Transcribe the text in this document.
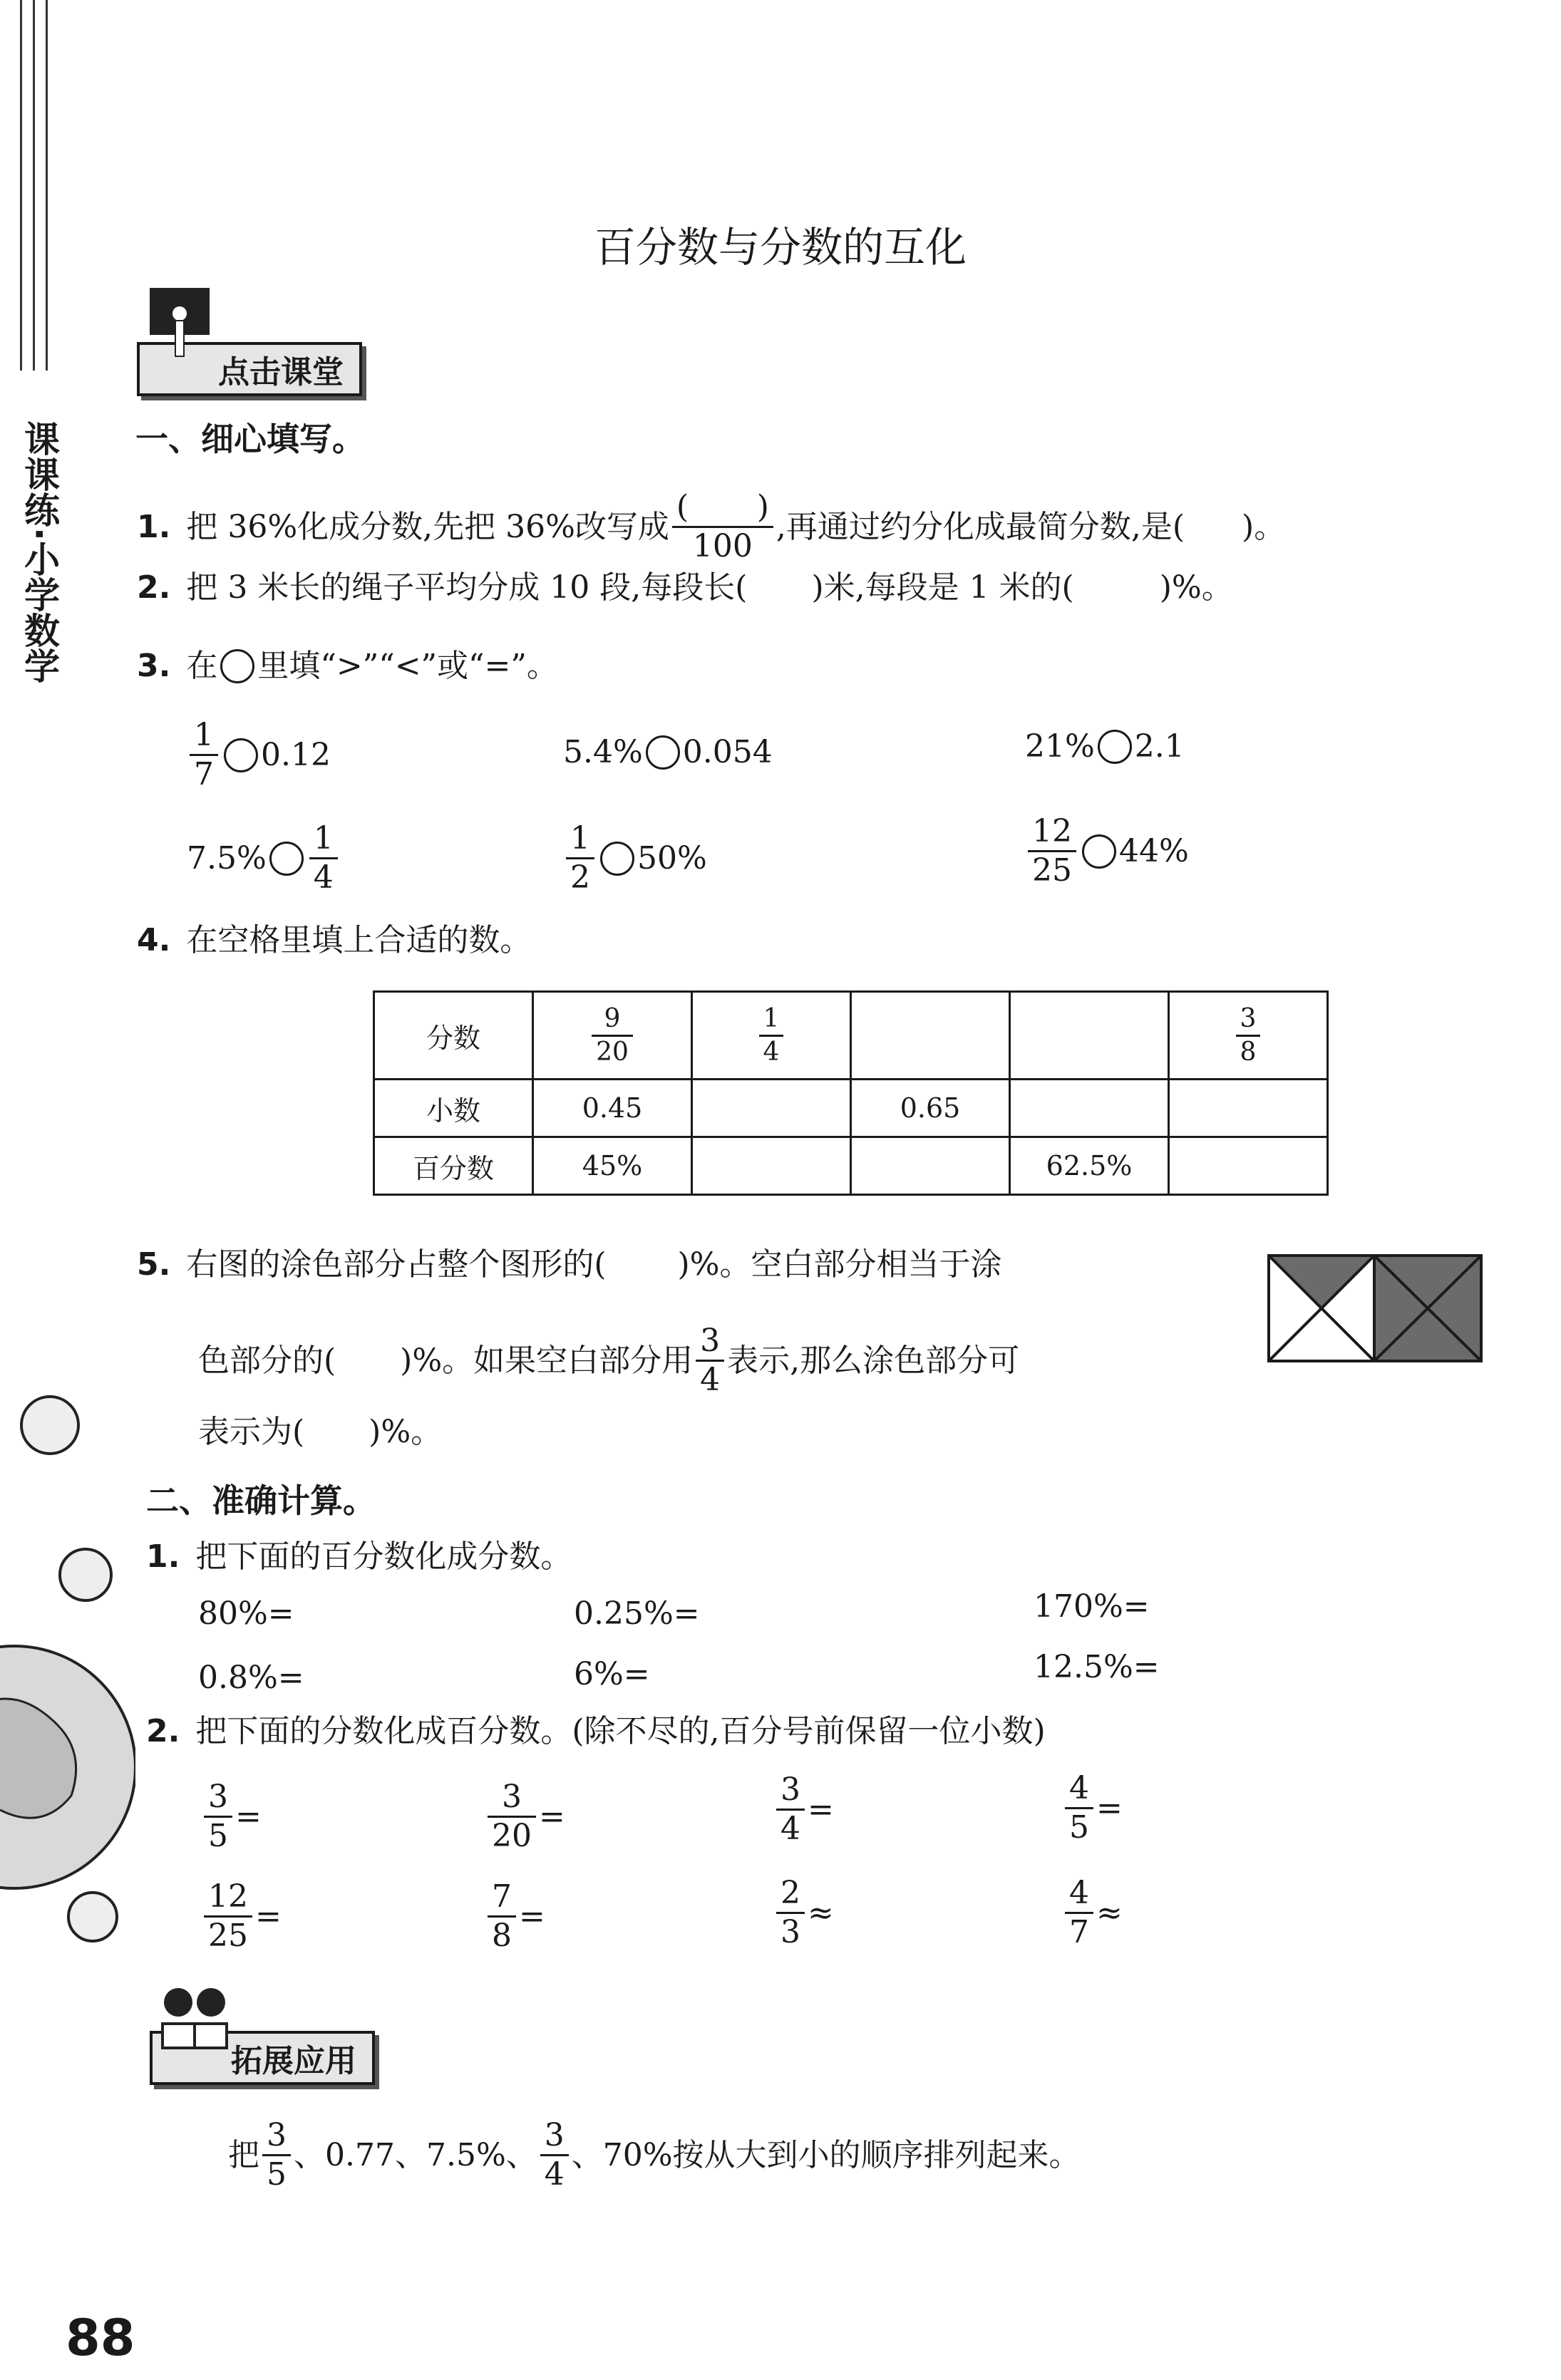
课课练·小学数学
百分数与分数的互化
点击课堂
一、细心填写。
1. 把 36%化成分数,先把 36%改写成 $\frac{( )}{100}$ ,再通过约分化成最简分数,是( )。
2. 把 3 米长的绳子平均分成 10 段,每段长( )米,每段是 1 米的(	)%。
3. 在 里填“>”“<”或“=”。
$\frac{1}{7} 0.12$	5.4% 0.054	21% 2.1
$7.5\% \frac{1}{4}$	$\frac{1}{2} 50\%$	$\frac{12}{25} 44\%$
4. 在空格里填上合适的数。
分数	$\frac{9}{20}$	$\frac{1}{4}$			$\frac{3}{8}$

小数	0.45		0.65		
百分数	45%			62.5%	
5. 右图的涂色部分占整个图形的( )%。空白部分相当于涂
色部分的( )%。如果空白部分用 $\frac{3}{4}$ 表示,那么涂色部分可
表示为( )%。
二、准确计算。
1. 把下面的百分数化成分数。
80%=	0.25%=	170%=
0.8%=	6%=	12.5%=
2. 把下面的分数化成百分数。(除不尽的,百分号前保留一位小数)
$\frac{3}{5}$ =	$\frac{3}{20}$ =	$\frac{3}{4}$ =	$\frac{4}{5}$ =
$\frac{12}{25}$ =	$\frac{7}{8}$ =	$\frac{2}{3}$ ≈	$\frac{4}{7}$ ≈
拓展应用
把 $\frac{3}{5}$ 、0.77、7.5%、 $\frac{3}{4}$ 、70%按从大到小的顺序排列起来。
88
